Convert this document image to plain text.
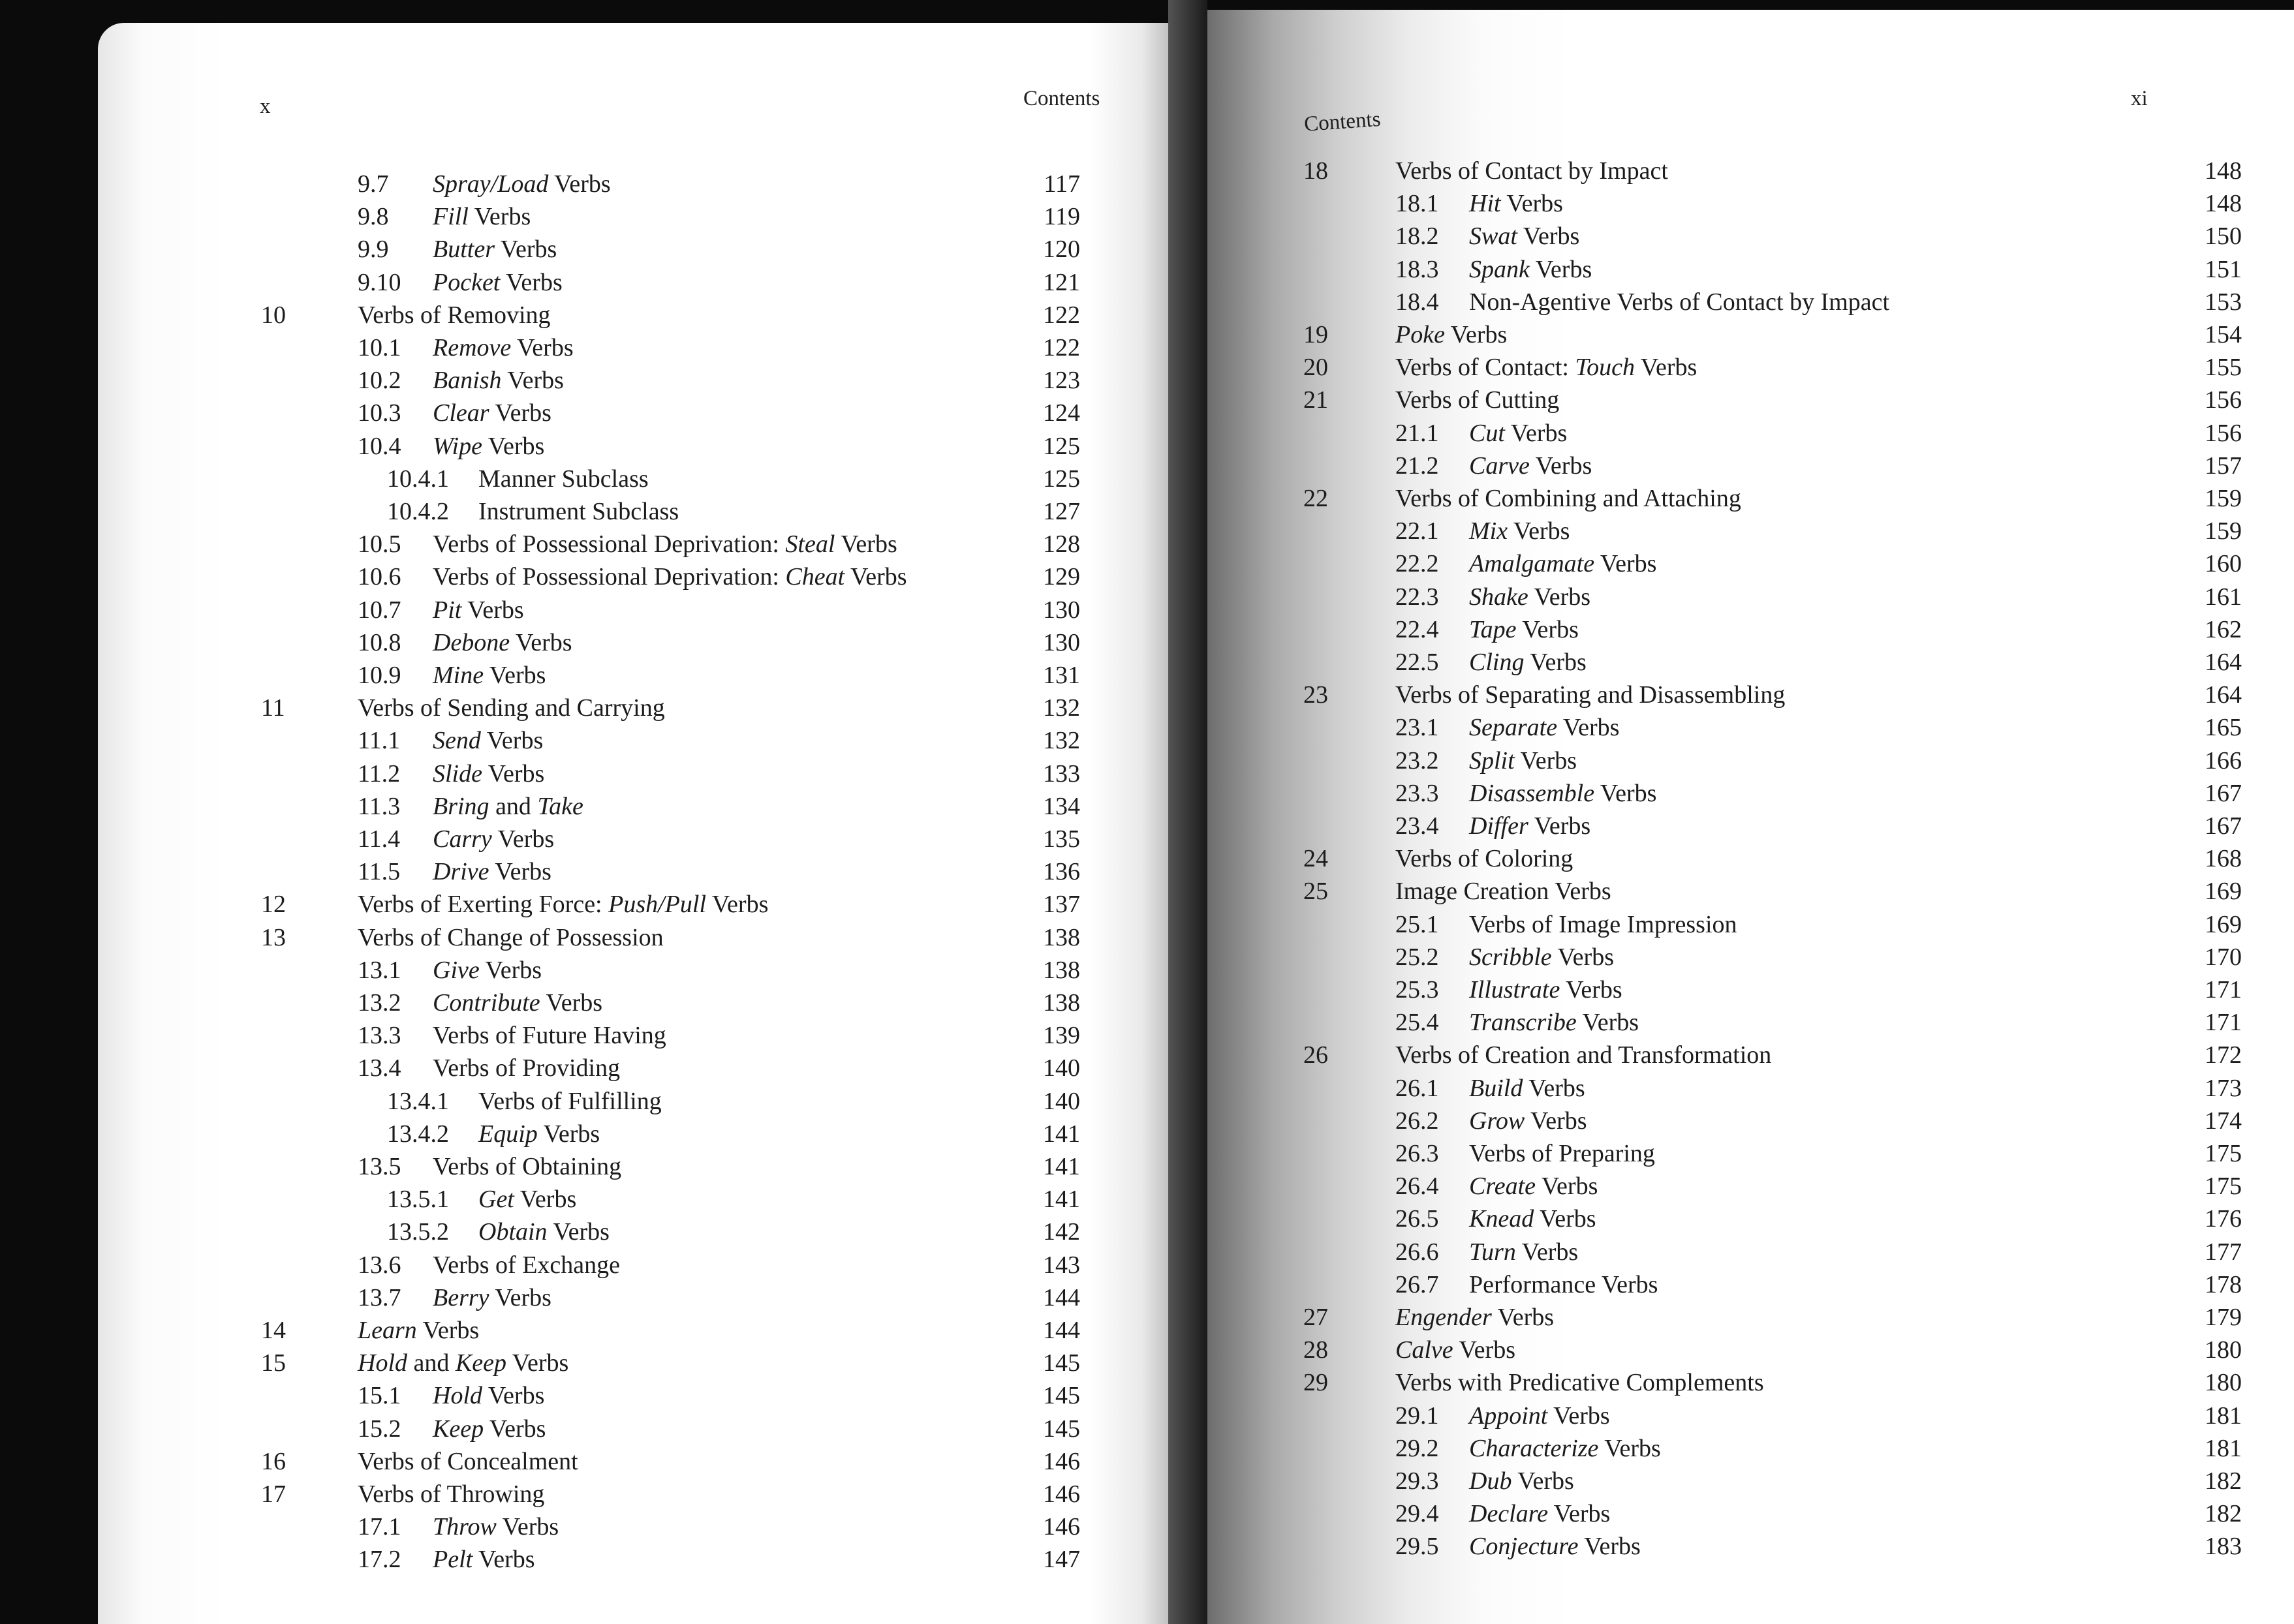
x	Contents
9.7 Spray/Load Verbs	117
9.8 Fill Verbs	119
9.9 Butter Verbs	120
9.10 Pocket Verbs	121
10	Verbs of Removing	122
10.1 Remove Verbs	122
10.2 Banish Verbs	123
10.3 Clear Verbs	124
10.4 Wipe Verbs	125
10.4.1 Manner Subclass	125
10.4.2 Instrument Subclass	127
10.5 Verbs of Possessional Deprivation: Steal Verbs	128
10.6 Verbs of Possessional Deprivation: Cheat Verbs	129
10.7 Pit Verbs	130
10.8 Debone Verbs	130
10.9 Mine Verbs	131
11	Verbs of Sending and Carrying	132
11.1 Send Verbs	132
11.2 Slide Verbs	133
11.3 Bring and Take	134
11.4 Carry Verbs	135
11.5 Drive Verbs	136
12	Verbs of Exerting Force: Push/Pull Verbs	137
13	Verbs of Change of Possession	138
13.1 Give Verbs	138
13.2 Contribute Verbs	138
13.3 Verbs of Future Having	139
13.4 Verbs of Providing	140
13.4.1 Verbs of Fulfilling	140
13.4.2 Equip Verbs	141
13.5 Verbs of Obtaining	141
13.5.1 Get Verbs	141
13.5.2 Obtain Verbs	142
13.6 Verbs of Exchange	143
13.7 Berry Verbs	144
14	Learn Verbs	144
15	Hold and Keep Verbs	145
15.1 Hold Verbs	145
15.2 Keep Verbs	145
16	Verbs of Concealment	146
17	Verbs of Throwing	146
17.1 Throw Verbs	146
17.2 Pelt Verbs	147
Contents
xi
18	Verbs of Contact by Impact	148
18.1 Hit Verbs	148
18.2 Swat Verbs	150
18.3 Spank Verbs	151
18.4 Non-Agentive Verbs of Contact by Impact	153
19	Poke Verbs	154
20	Verbs of Contact: Touch Verbs	155
21	Verbs of Cutting	156
21.1 Cut Verbs	156
21.2 Carve Verbs	157
22	Verbs of Combining and Attaching	159
22.1 Mix Verbs	159
22.2 Amalgamate Verbs	160
22.3 Shake Verbs	161
22.4 Tape Verbs	162
22.5 Cling Verbs	164
23	Verbs of Separating and Disassembling	164
23.1 Separate Verbs	165
23.2 Split Verbs	166
23.3 Disassemble Verbs	167
23.4 Differ Verbs	167
24	Verbs of Coloring	168
25	Image Creation Verbs	169
25.1 Verbs of Image Impression	169
25.2 Scribble Verbs	170
25.3 Illustrate Verbs	171
25.4 Transcribe Verbs	171
26	Verbs of Creation and Transformation	172
26.1 Build Verbs	173
26.2 Grow Verbs	174
26.3 Verbs of Preparing	175
26.4 Create Verbs	175
26.5 Knead Verbs	176
26.6 Turn Verbs	177
26.7 Performance Verbs	178
27	Engender Verbs	179
28	Calve Verbs	180
29	Verbs with Predicative Complements	180
29.1 Appoint Verbs	181
29.2 Characterize Verbs	181
29.3 Dub Verbs	182
29.4 Declare Verbs	182
29.5 Conjecture Verbs	183
